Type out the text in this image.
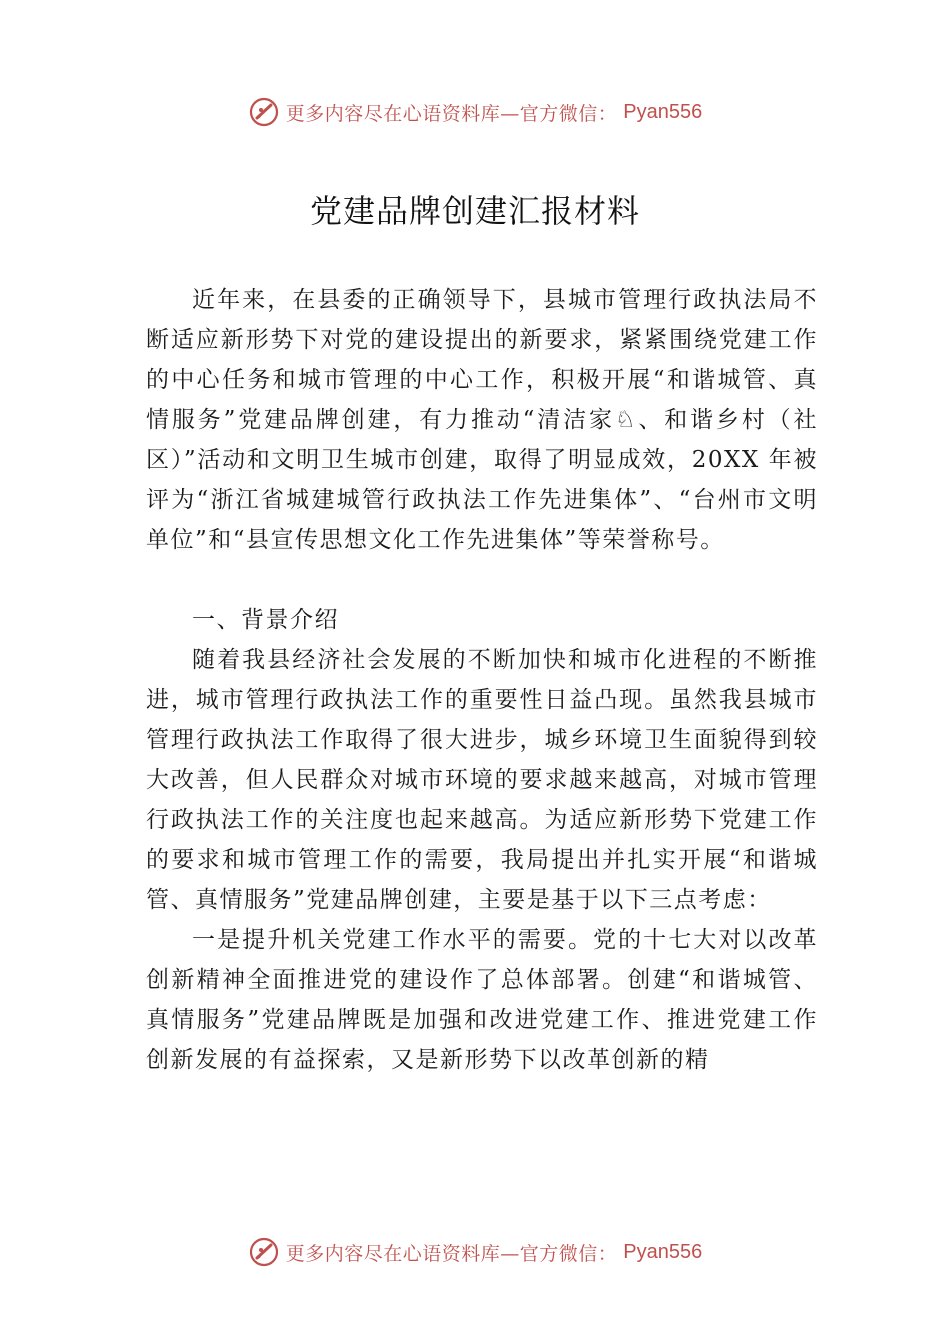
更多内容尽在心语资料库—官方微信： Pyan556
党建品牌创建汇报材料

近年来，在县委的正确领导下，县城市管理行政执法局不断适应新形势下对党的建设提出的新要求，紧紧围绕党建工作的中心任务和城市管理的中心工作，积极开展“和谐城管、真情服务”党建品牌创建，有力推动“清洁家♘、和谐乡村（社区）”活动和文明卫生城市创建，取得了明显成效，20XX 年被评为“浙江省城建城管行政执法工作先进集体”、“台州市文明单位”和“县宣传思想文化工作先进集体”等荣誉称号。

一、背景介绍

随着我县经济社会发展的不断加快和城市化进程的不断推进，城市管理行政执法工作的重要性日益凸现。虽然我县城市管理行政执法工作取得了很大进步，城乡环境卫生面貌得到较大改善，但人民群众对城市环境的要求越来越高，对城市管理行政执法工作的关注度也起来越高。为适应新形势下党建工作的要求和城市管理工作的需要，我局提出并扎实开展“和谐城管、真情服务”党建品牌创建，主要是基于以下三点考虑：

一是提升机关党建工作水平的需要。党的十七大对以改革创新精神全面推进党的建设作了总体部署。创建“和谐城管、真情服务”党建品牌既是加强和改进党建工作、推进党建工作创新发展的有益探索，又是新形势下以改革创新的精

更多内容尽在心语资料库—官方微信： Pyan556
